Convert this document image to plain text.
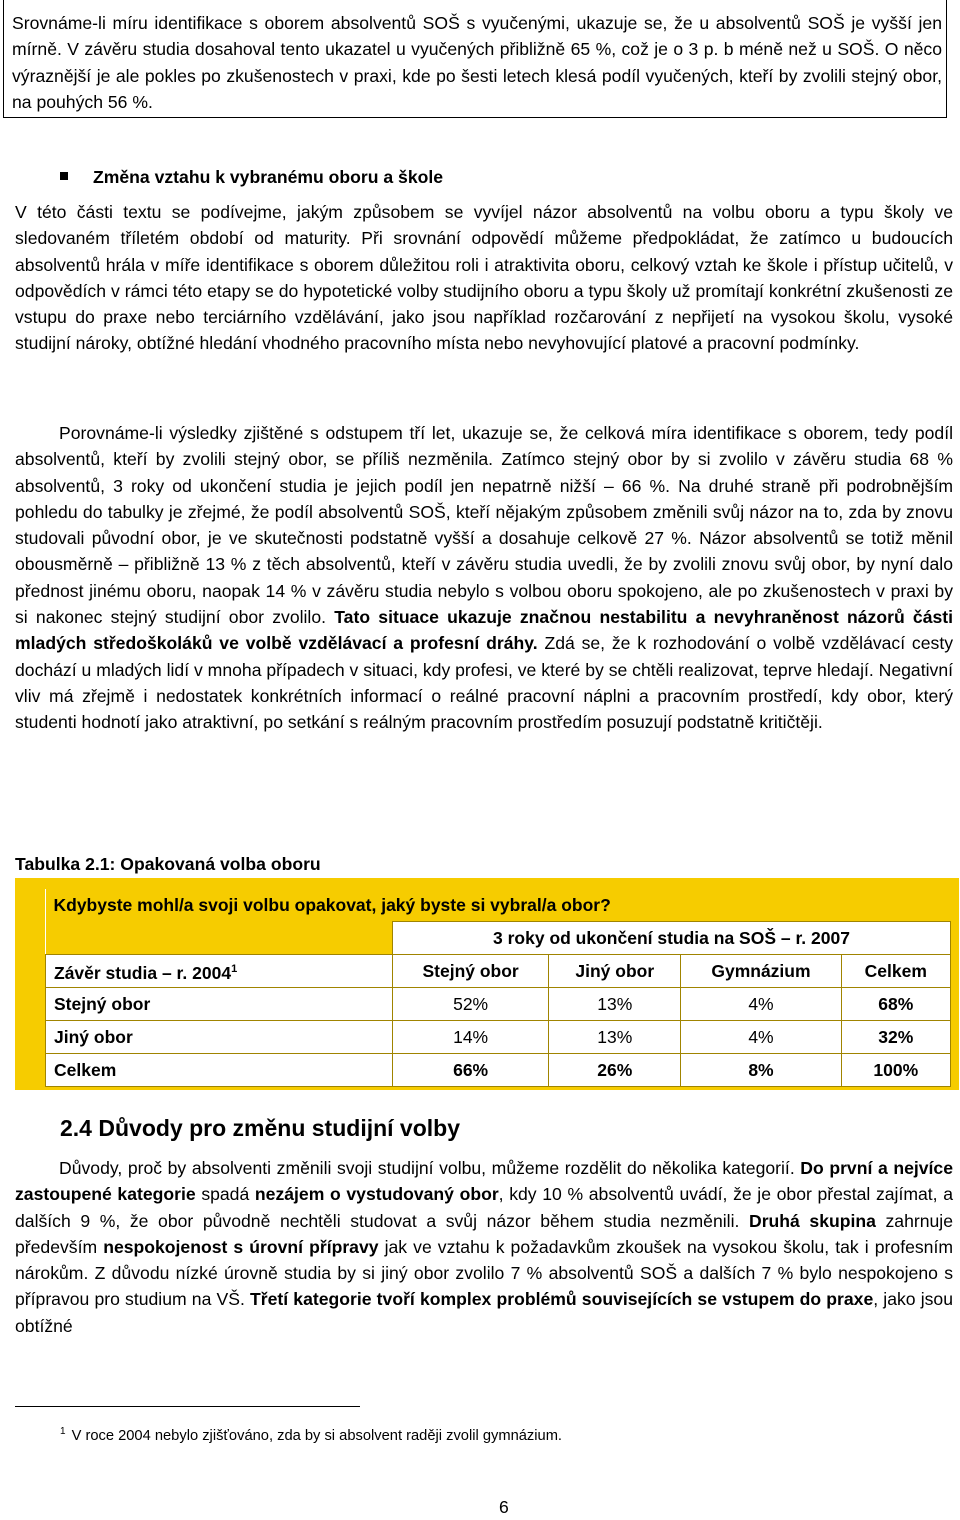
Srovnáme-li míru identifikace s oborem absolventů SOŠ s vyučenými, ukazuje se, že u absolventů SOŠ je vyšší jen mírně. V závěru studia dosahoval tento ukazatel u vyučených přibližně 65 %, což je o 3 p. b méně než u SOŠ. O něco výraznější je ale pokles po zkušenostech v praxi, kde po šesti letech klesá podíl vyučených, kteří by zvolili stejný obor, na pouhých 56 %.

Změna vztahu k vybranému oboru a škole

V této části textu se podívejme, jakým způsobem se vyvíjel názor absolventů na volbu oboru a typu školy ve sledovaném tříletém období od maturity. Při srovnání odpovědí můžeme předpokládat, že zatímco u budoucích absolventů hrála v míře identifikace s oborem důležitou roli i atraktivita oboru, celkový vztah ke škole i přístup učitelů, v odpovědích v rámci této etapy se do hypotetické volby studijního oboru a typu školy už promítají konkrétní zkušenosti ze vstupu do praxe nebo terciárního vzdělávání, jako jsou například rozčarování z nepřijetí na vysokou školu, vysoké studijní nároky, obtížné hledání vhodného pracovního místa nebo nevyhovující platové a pracovní podmínky.

Porovnáme-li výsledky zjištěné s odstupem tří let, ukazuje se, že celková míra identifikace s oborem, tedy podíl absolventů, kteří by zvolili stejný obor, se příliš nezměnila. Zatímco stejný obor by si zvolilo v závěru studia 68 % absolventů, 3 roky od ukončení studia je jejich podíl jen nepatrně nižší – 66 %. Na druhé straně při podrobnějším pohledu do tabulky je zřejmé, že podíl absolventů SOŠ, kteří nějakým způsobem změnili svůj názor na to, zda by znovu studovali původní obor, je ve skutečnosti podstatně vyšší a dosahuje celkově 27 %. Názor absolventů se totiž měnil obousměrně – přibližně 13 % z těch absolventů, kteří v závěru studia uvedli, že by zvolili znovu svůj obor, by nyní dalo přednost jinému oboru, naopak 14 % v závěru studia nebylo s volbou oboru spokojeno, ale po zkušenostech v praxi by si nakonec stejný studijní obor zvolilo. Tato situace ukazuje značnou nestabilitu a nevyhraněnost názorů části mladých středoškoláků ve volbě vzdělávací a profesní dráhy. Zdá se, že k rozhodování o volbě vzdělávací cesty dochází u mladých lidí v mnoha případech v situaci, kdy profesi, ve které by se chtěli realizovat, teprve hledají. Negativní vliv má zřejmě i nedostatek konkrétních informací o reálné pracovní náplni a pracovním prostředí, kdy obor, který studenti hodnotí jako atraktivní, po setkání s reálným pracovním prostředím posuzují podstatně kritičtěji.

Tabulka 2.1: Opakovaná volba oboru
Kdybyste mohl/a svoji volbu opakovat, jaký byste si vybral/a obor?				
	3 roky od ukončení studia na SOŠ – r. 2007			
Závěr studia – r. 2004$^1$	Stejný obor	Jiný obor	Gymnázium	Celkem
Stejný obor	52%	13%	4%	68%
Jiný obor	14%	13%	4%	32%
Celkem	66%	26%	8%	100%
2.4 Důvody pro změnu studijní volby

Důvody, proč by absolventi změnili svoji studijní volbu, můžeme rozdělit do několika kategorií. Do první a nejvíce zastoupené kategorie spadá nezájem o vystudovaný obor, kdy 10 % absolventů uvádí, že je obor přestal zajímat, a dalších 9 %, že obor původně nechtěli studovat a svůj názor během studia nezměnili. Druhá skupina zahrnuje především nespokojenost s úrovní přípravy jak ve vztahu k požadavkům zkoušek na vysokou školu, tak i profesním nárokům. Z důvodu nízké úrovně studia by si jiný obor zvolilo 7 % absolventů SOŠ a dalších 7 % bylo nespokojeno s přípravou pro studium na VŠ. Třetí kategorie tvoří komplex problémů souvisejících se vstupem do praxe, jako jsou obtížné

$^1$ V roce 2004 nebylo zjišťováno, zda by si absolvent raději zvolil gymnázium.
6
